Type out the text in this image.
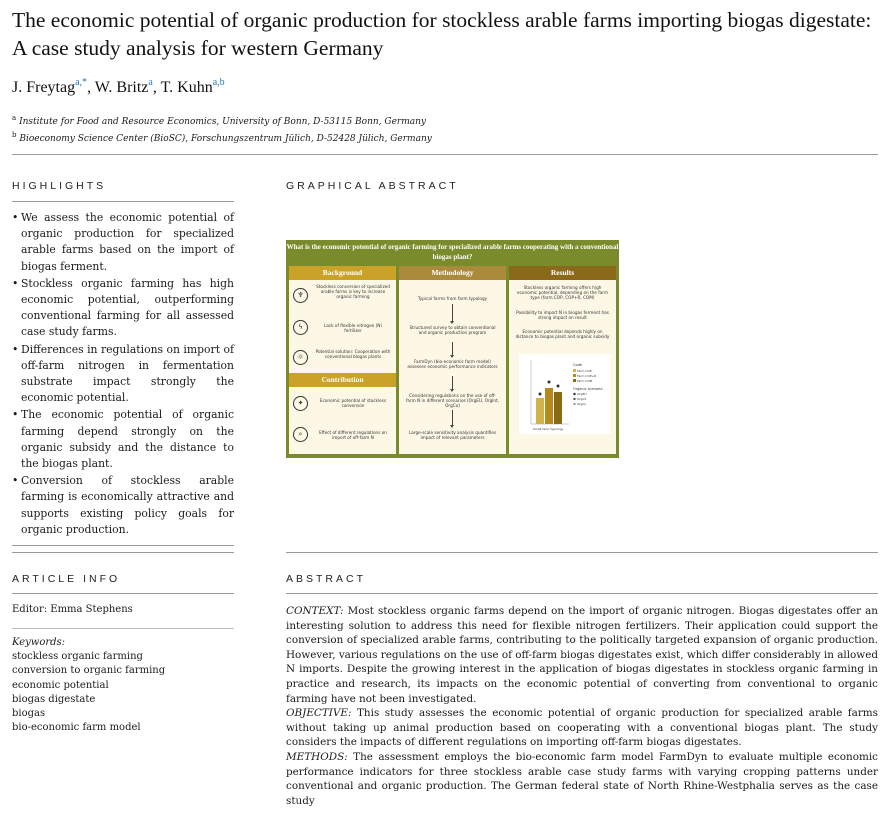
The economic potential of organic production for stockless arable farms importing biogas digestate: A case study analysis for western Germany
J. Freytag$^{a,*}$, W. Britz$^a$, T. Kuhn$^{a,b}$
$^a$ Institute for Food and Resource Economics, University of Bonn, D-53115 Bonn, Germany
$^b$ Bioeconomy Science Center (BioSC), Forschungszentrum Jülich, D-52428 Jülich, Germany
HIGHLIGHTS
• We assess the economic potential of organic production for specialized arable farms based on the import of biogas ferment.
• Stockless organic farming has high economic potential, outperforming conventional farming for all assessed case study farms.
• Differences in regulations on import of off-farm nitrogen in fermentation substrate impact strongly the economic potential.
• The economic potential of organic farming depend strongly on the organic subsidy and the distance to the biogas plant.
• Conversion of stockless arable farming is economically attractive and supports existing policy goals for organic production.
GRAPHICAL ABSTRACT
What is the economic potential of organic farming for specialized arable farms cooperating with a conventional biogas plant?
Background
♆
Stockless conversion of specialized arable farms is key to increase organic farming
ϟ	Lack of flexible nitrogen (N) fertilizer
☼
Potential solution: Cooperation with conventional biogas plants
Contribution
✦	Economic potential of stockless conversion
⌕	Effect of different regulations on import of off-farm N
Methodology
Typical farms from farm typology
Structured survey to obtain conventional and organic production program
FarmDyn (bio-economic farm model) assesses economic performance indicators
Considering regulations on the use of off-farm N in different scenarios (OrgEU, Orglnt, OrgCo)
Large-scale sensitivity analysis quantifies impact of relevant parameters
Results
Stockless organic farming offers high economic potential, depending on the farm type (farm COP, COP+R, COM)
Possibility to import N in biogas ferment has strong impact on result
Economic potential depends highly on distance to biogas plant and organic subsidy
Code
Farm COP
Farm COP+R
Farm COM
Organic scenario
OrgEU
Orglnt
OrgCo
Small farm typology
ARTICLE INFO
Editor: Emma Stephens
Keywords:
stockless organic farming
conversion to organic farming
economic potential
biogas digestate
biogas
bio-economic farm model
ABSTRACT

CONTEXT: Most stockless organic farms depend on the import of organic nitrogen. Biogas digestates offer an interesting solution to address this need for flexible nitrogen fertilizers. Their application could support the conversion of specialized arable farms, contributing to the politically targeted expansion of organic production. However, various regulations on the use of off-farm biogas digestates exist, which differ considerably in allowed N imports. Despite the growing interest in the application of biogas digestates in stockless organic farming in practice and research, its impacts on the economic potential of converting from conventional to organic farming have not been investigated.

OBJECTIVE: This study assesses the economic potential of organic production for specialized arable farms without taking up animal production based on cooperating with a conventional biogas plant. The study considers the impacts of different regulations on importing off-farm biogas digestates.

METHODS: The assessment employs the bio-economic farm model FarmDyn to evaluate multiple economic performance indicators for three stockless arable case study farms with varying cropping patterns under conventional and organic production. The German federal state of North Rhine-Westphalia serves as the case study
